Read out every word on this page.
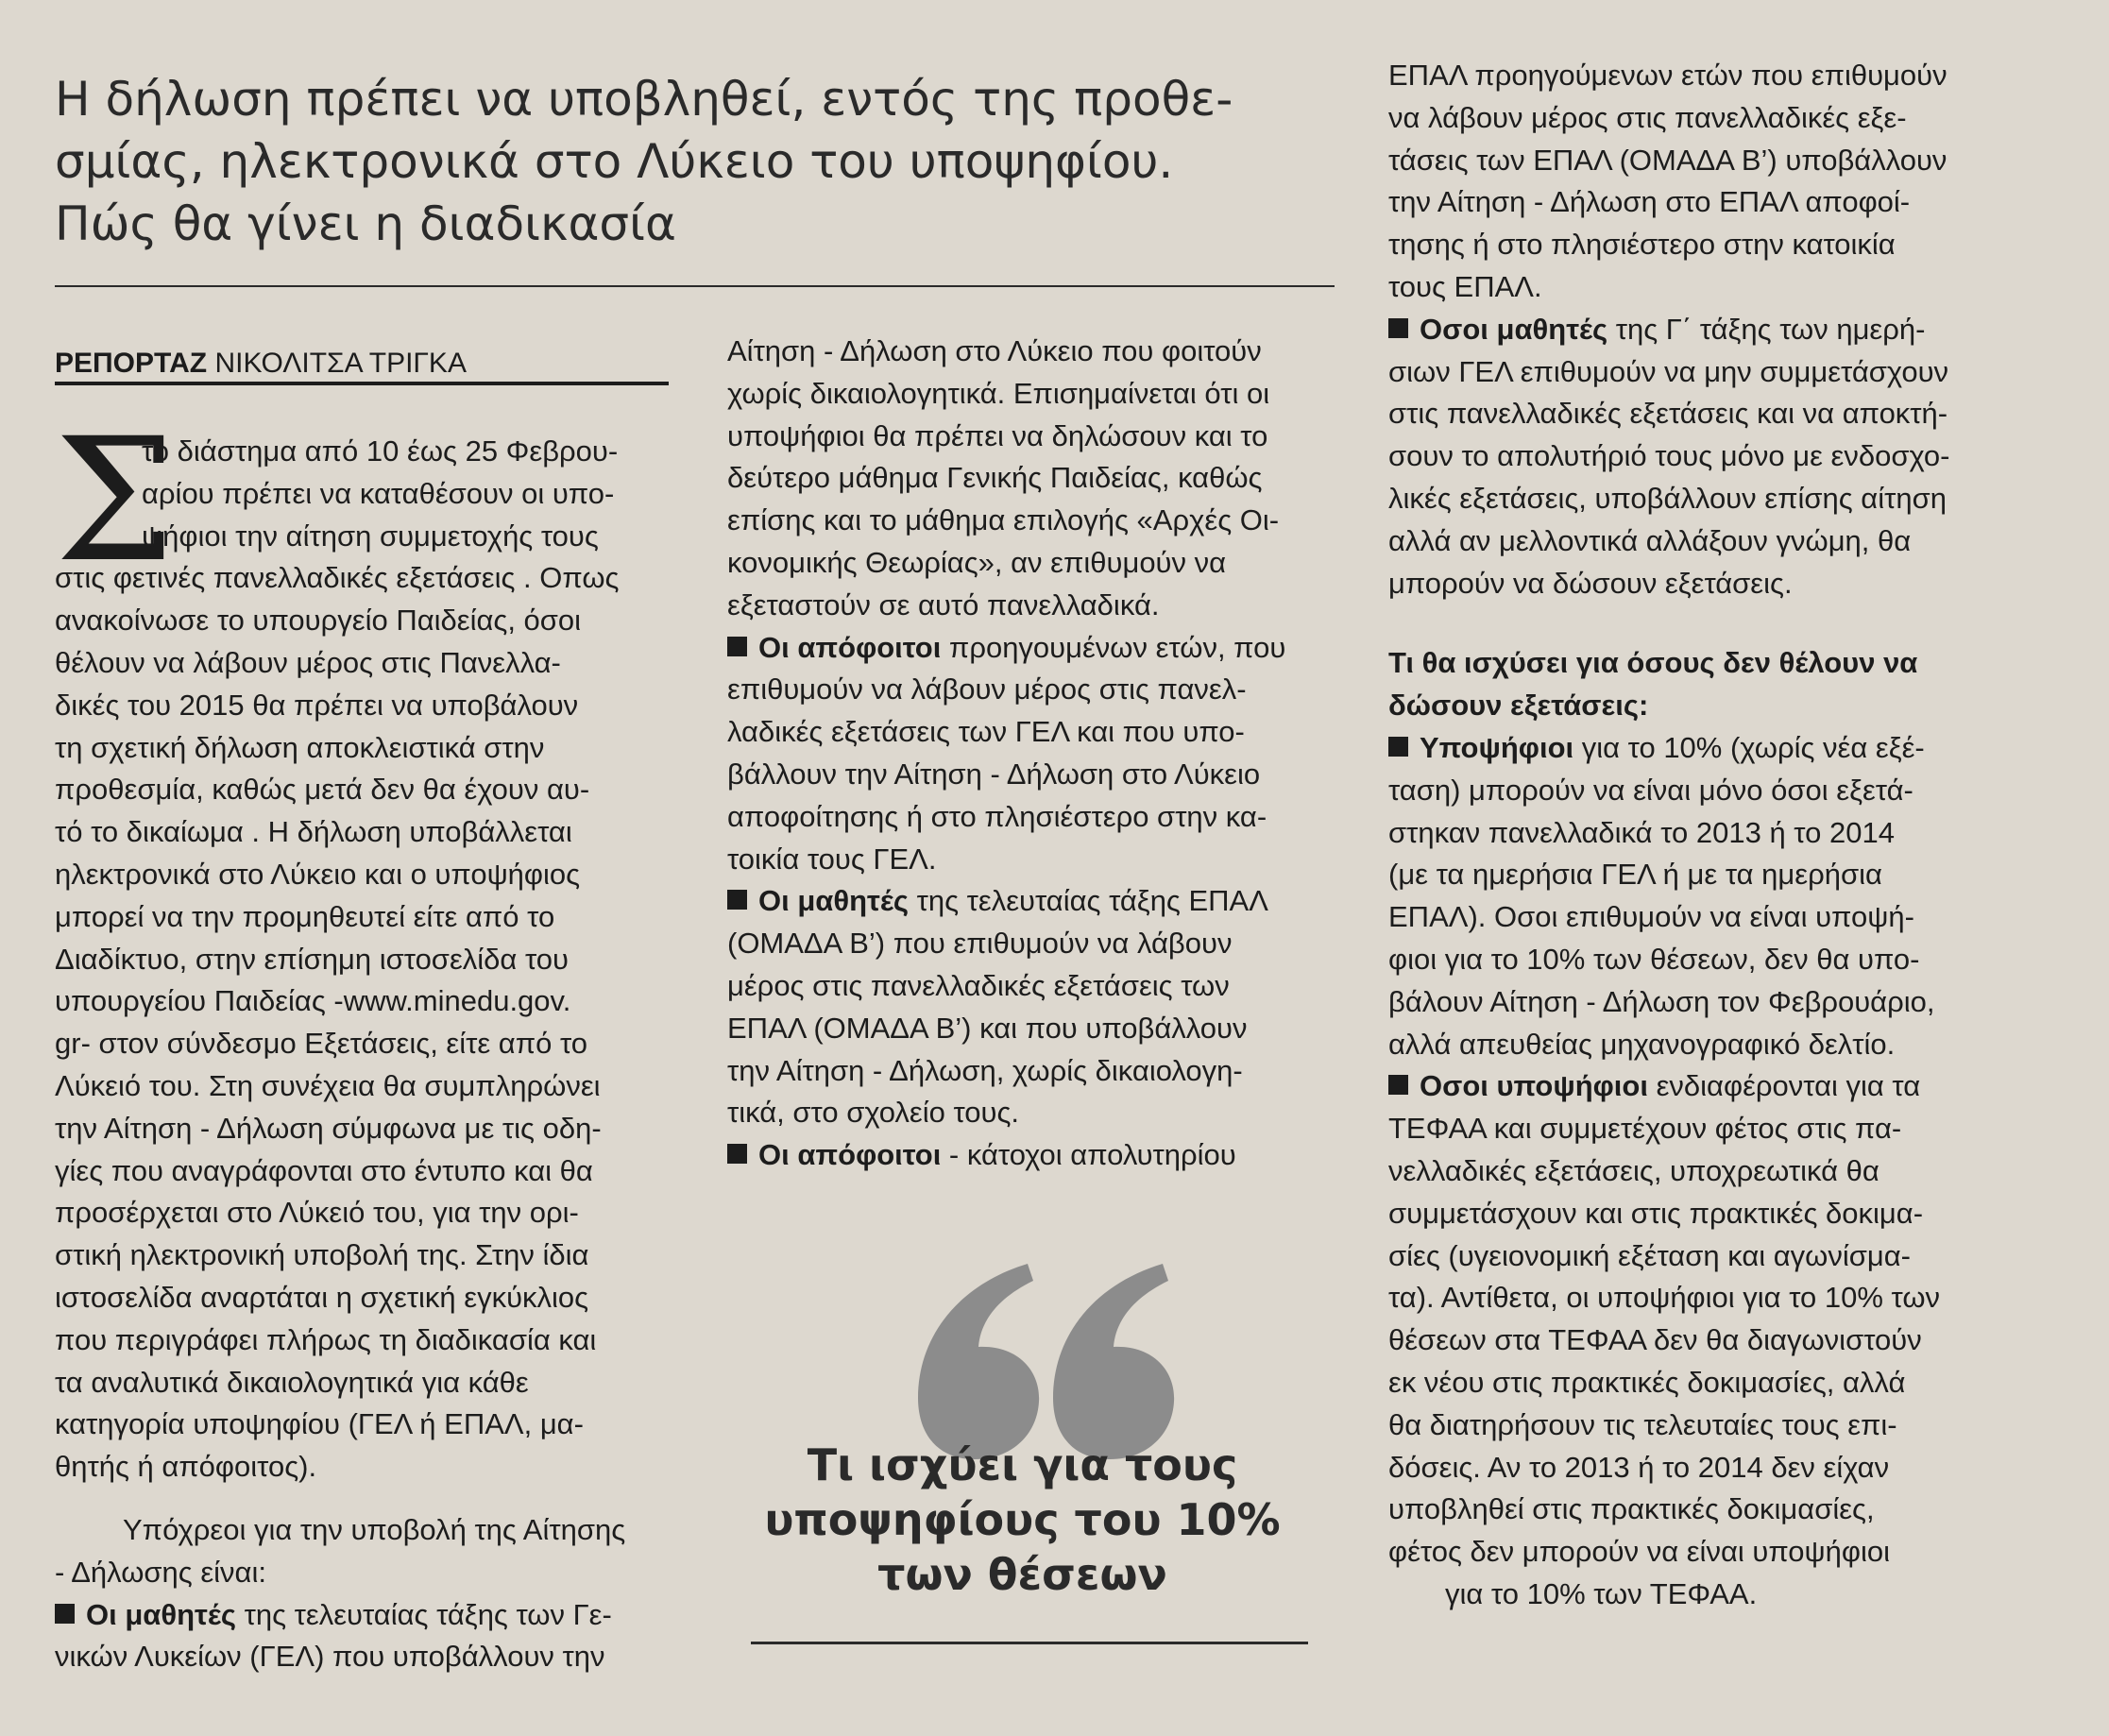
Η δήλωση πρέπει να υποβληθεί, εντός της προθε-
σμίας, ηλεκτρονικά στο Λύκειο του υποψηφίου.
Πώς θα γίνει η διαδικασία
ΡΕΠΟΡΤΑΖ ΝΙΚΟΛΙΤΣΑ ΤΡΙΓΚΑ
Σ
το διάστημα από 10 έως 25 Φεβρου-
αρίου πρέπει να καταθέσουν οι υπο-
ψήφιοι την αίτηση συμμετοχής τους
στις φετινές πανελλαδικές εξετάσεις . Οπως
ανακοίνωσε το υπουργείο Παιδείας, όσοι
θέλουν να λάβουν μέρος στις Πανελλα-
δικές του 2015 θα πρέπει να υποβάλουν
τη σχετική δήλωση αποκλειστικά στην
προθεσμία, καθώς μετά δεν θα έχουν αυ-
τό το δικαίωμα . Η δήλωση υποβάλλεται
ηλεκτρονικά στο Λύκειο και ο υποψήφιος
μπορεί να την προμηθευτεί είτε από το
Διαδίκτυο, στην επίσημη ιστοσελίδα του
υπουργείου Παιδείας -www.minedu.gov.
gr- στον σύνδεσμο Εξετάσεις, είτε από το
Λύκειό του. Στη συνέχεια θα συμπληρώνει
την Αίτηση - Δήλωση σύμφωνα με τις οδη-
γίες που αναγράφονται στο έντυπο και θα
προσέρχεται στο Λύκειό του, για την ορι-
στική ηλεκτρονική υποβολή της. Στην ίδια
ιστοσελίδα αναρτάται η σχετική εγκύκλιος
που περιγράφει πλήρως τη διαδικασία και
τα αναλυτικά δικαιολογητικά για κάθε
κατηγορία υποψηφίου (ΓΕΛ ή ΕΠΑΛ, μα-
θητής ή απόφοιτος).
Υπόχρεοι για την υποβολή της Αίτησης
- Δήλωσης είναι:
Οι μαθητές της τελευταίας τάξης των Γε-
νικών Λυκείων (ΓΕΛ) που υποβάλλουν την
Αίτηση - Δήλωση στο Λύκειο που φοιτούν
χωρίς δικαιολογητικά. Επισημαίνεται ότι οι
υποψήφιοι θα πρέπει να δηλώσουν και το
δεύτερο μάθημα Γενικής Παιδείας, καθώς
επίσης και το μάθημα επιλογής «Αρχές Οι-
κονομικής Θεωρίας», αν επιθυμούν να
εξεταστούν σε αυτό πανελλαδικά.
Οι απόφοιτοι προηγουμένων ετών, που
επιθυμούν να λάβουν μέρος στις πανελ-
λαδικές εξετάσεις των ΓΕΛ και που υπο-
βάλλουν την Αίτηση - Δήλωση στο Λύκειο
αποφοίτησης ή στο πλησιέστερο στην κα-
τοικία τους ΓΕΛ.
Οι μαθητές της τελευταίας τάξης ΕΠΑΛ
(ΟΜΑΔΑ Β’) που επιθυμούν να λάβουν
μέρος στις πανελλαδικές εξετάσεις των
ΕΠΑΛ (ΟΜΑΔΑ Β’) και που υποβάλλουν
την Αίτηση - Δήλωση, χωρίς δικαιολογη-
τικά, στο σχολείο τους.
Οι απόφοιτοι - κάτοχοι απολυτηρίου
Τι ισχύει για τους
υποψηφίους του 10%
των θέσεων
ΕΠΑΛ προηγούμενων ετών που επιθυμούν
να λάβουν μέρος στις πανελλαδικές εξε-
τάσεις των ΕΠΑΛ (ΟΜΑΔΑ Β’) υποβάλλουν
την Αίτηση - Δήλωση στο ΕΠΑΛ αποφοί-
τησης ή στο πλησιέστερο στην κατοικία
τους ΕΠΑΛ.
Οσοι μαθητές της Γ΄ τάξης των ημερή-
σιων ΓΕΛ επιθυμούν να μην συμμετάσχουν
στις πανελλαδικές εξετάσεις και να αποκτή-
σουν το απολυτήριό τους μόνο με ενδοσχο-
λικές εξετάσεις, υποβάλλουν επίσης αίτηση
αλλά αν μελλοντικά αλλάξουν γνώμη, θα
μπορούν να δώσουν εξετάσεις.
Τι θα ισχύσει για όσους δεν θέλουν να
δώσουν εξετάσεις:
Υποψήφιοι για το 10% (χωρίς νέα εξέ-
ταση) μπορούν να είναι μόνο όσοι εξετά-
στηκαν πανελλαδικά το 2013 ή το 2014
(με τα ημερήσια ΓΕΛ ή με τα ημερήσια
ΕΠΑΛ). Οσοι επιθυμούν να είναι υποψή-
φιοι για το 10% των θέσεων, δεν θα υπο-
βάλουν Αίτηση - Δήλωση τον Φεβρουάριο,
αλλά απευθείας μηχανογραφικό δελτίο.
Οσοι υποψήφιοι ενδιαφέρονται για τα
ΤΕΦΑΑ και συμμετέχουν φέτος στις πα-
νελλαδικές εξετάσεις, υποχρεωτικά θα
συμμετάσχουν και στις πρακτικές δοκιμα-
σίες (υγειονομική εξέταση και αγωνίσμα-
τα). Αντίθετα, οι υποψήφιοι για το 10% των
θέσεων στα ΤΕΦΑΑ δεν θα διαγωνιστούν
εκ νέου στις πρακτικές δοκιμασίες, αλλά
θα διατηρήσουν τις τελευταίες τους επι-
δόσεις. Αν το 2013 ή το 2014 δεν είχαν
υποβληθεί στις πρακτικές δοκιμασίες,
φέτος δεν μπορούν να είναι υποψήφιοι
για το 10% των ΤΕΦΑΑ.
